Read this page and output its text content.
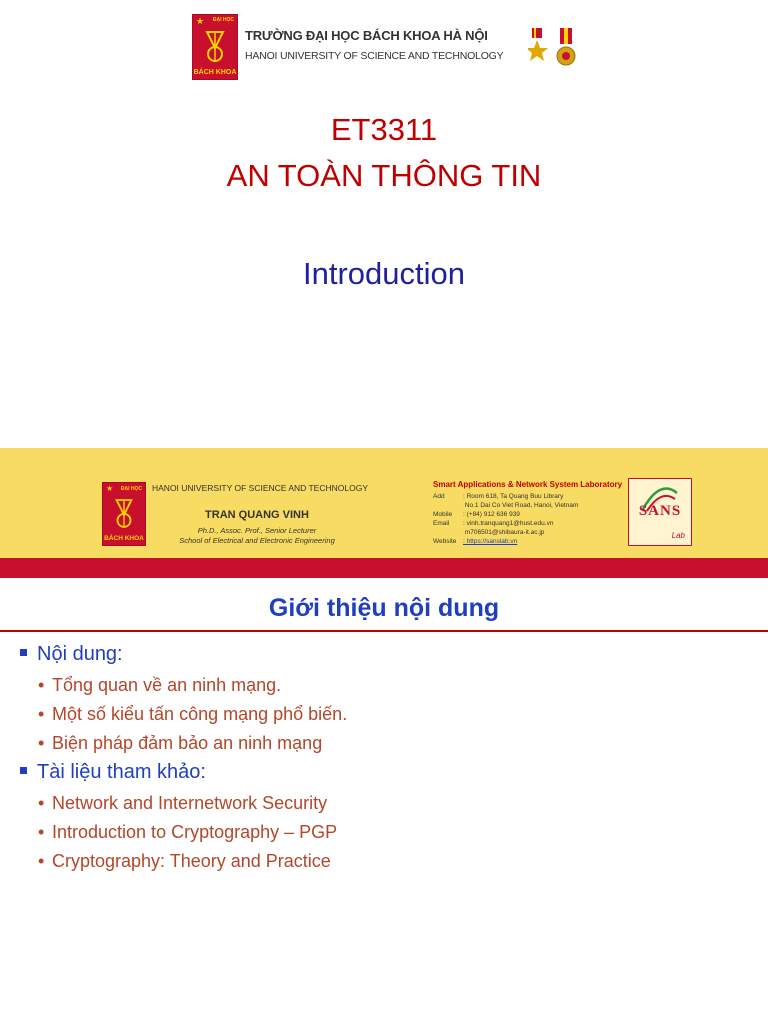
★ ĐẠI HỌC
BÁCH KHOA
TRƯỜNG ĐẠI HỌC BÁCH KHOA HÀ NỘI
HANOI UNIVERSITY OF SCIENCE AND TECHNOLOGY
ET3311
AN TOÀN THÔNG TIN
Introduction
★ ĐẠI HỌC
BÁCH KHOA
HANOI UNIVERSITY OF SCIENCE AND TECHNOLOGY
TRAN QUANG VINH
Ph.D., Assoc. Prof., Senior Lecturer
School of Electrical and Electronic Engineering
Smart Applications & Network System Laboratory
Add	: Room 618, Ta Quang Buu Library
No.1 Dai Co Viet Road, Hanoi, Vietnam
Mobile : (+84) 912 636 939
Email : vinh.tranquang1@hust.edu.vn
m706501@shibaura-it.ac.jp
Website : https://sanslab.vn
SANS
Lab
Giới thiệu nội dung
Nội dung:
• Tổng quan về an ninh mạng.
• Một số kiểu tấn công mạng phổ biến.
• Biện pháp đảm bảo an ninh mạng
Tài liệu tham khảo:
• Network and Internetwork Security
• Introduction to Cryptography – PGP
• Cryptography: Theory and Practice
